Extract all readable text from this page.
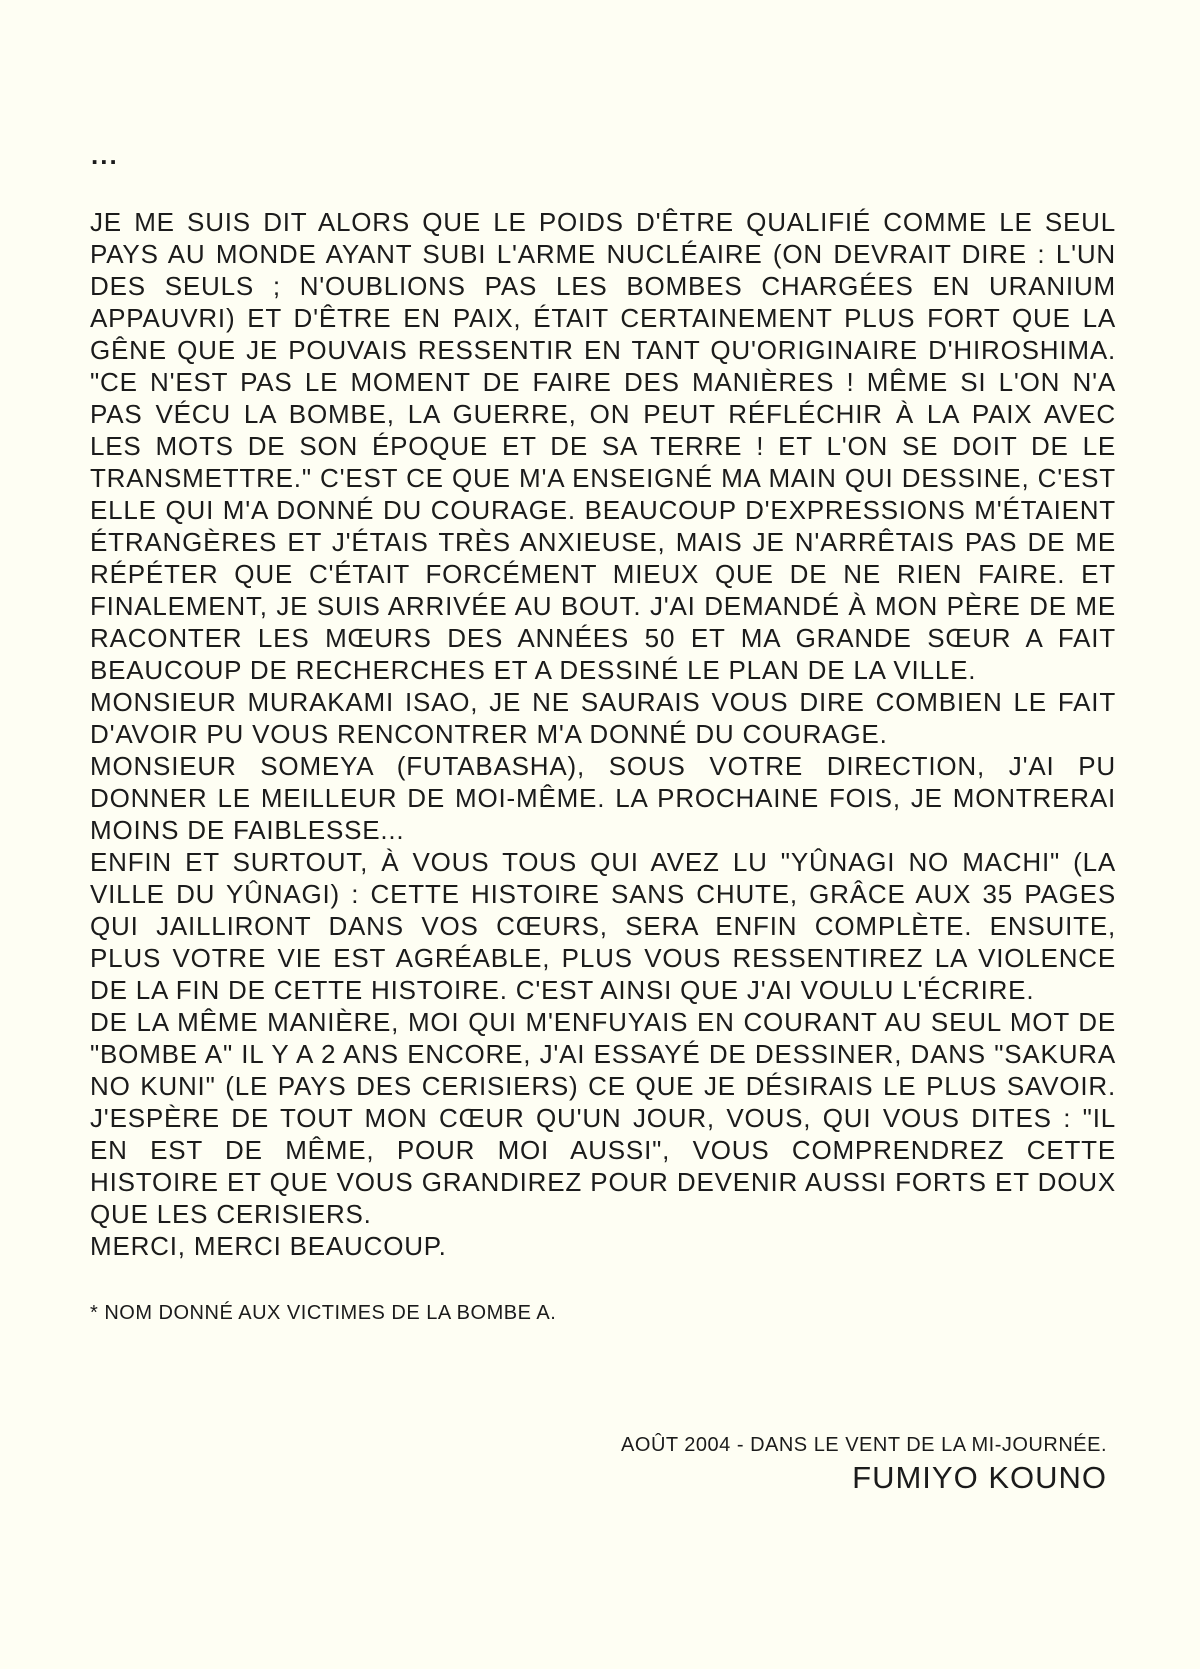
...

JE ME SUIS DIT ALORS QUE LE POIDS D'ÊTRE QUALIFIÉ COMME LE SEUL PAYS AU MONDE AYANT SUBI L'ARME NUCLÉAIRE (ON DEVRAIT DIRE : L'UN DES SEULS ; N'OUBLIONS PAS LES BOMBES CHARGÉES EN URANIUM APPAUVRI) ET D'ÊTRE EN PAIX, ÉTAIT CERTAINEMENT PLUS FORT QUE LA GÊNE QUE JE POUVAIS RESSENTIR EN TANT QU'ORIGINAIRE D'HIROSHIMA. "CE N'EST PAS LE MOMENT DE FAIRE DES MANIÈRES ! MÊME SI L'ON N'A PAS VÉCU LA BOMBE, LA GUERRE, ON PEUT RÉFLÉCHIR À LA PAIX AVEC LES MOTS DE SON ÉPOQUE ET DE SA TERRE ! ET L'ON SE DOIT DE LE TRANSMETTRE." C'EST CE QUE M'A ENSEIGNÉ MA MAIN QUI DESSINE, C'EST ELLE QUI M'A DONNÉ DU COURAGE. BEAUCOUP D'EXPRESSIONS M'ÉTAIENT ÉTRANGÈRES ET J'ÉTAIS TRÈS ANXIEUSE, MAIS JE N'ARRÊTAIS PAS DE ME RÉPÉTER QUE C'ÉTAIT FORCÉMENT MIEUX QUE DE NE RIEN FAIRE. ET FINALEMENT, JE SUIS ARRIVÉE AU BOUT. J'AI DEMANDÉ À MON PÈRE DE ME RACONTER LES MŒURS DES ANNÉES 50 ET MA GRANDE SŒUR A FAIT BEAUCOUP DE RECHERCHES ET A DESSINÉ LE PLAN DE LA VILLE.

MONSIEUR MURAKAMI ISAO, JE NE SAURAIS VOUS DIRE COMBIEN LE FAIT D'AVOIR PU VOUS RENCONTRER M'A DONNÉ DU COURAGE.

MONSIEUR SOMEYA (FUTABASHA), SOUS VOTRE DIRECTION, J'AI PU DONNER LE MEILLEUR DE MOI-MÊME. LA PROCHAINE FOIS, JE MONTRERAI MOINS DE FAIBLESSE...

ENFIN ET SURTOUT, À VOUS TOUS QUI AVEZ LU "YÛNAGI NO MACHI" (LA VILLE DU YÛNAGI) : CETTE HISTOIRE SANS CHUTE, GRÂCE AUX 35 PAGES QUI JAILLIRONT DANS VOS CŒURS, SERA ENFIN COMPLÈTE. ENSUITE, PLUS VOTRE VIE EST AGRÉABLE, PLUS VOUS RESSENTIREZ LA VIOLENCE DE LA FIN DE CETTE HISTOIRE. C'EST AINSI QUE J'AI VOULU L'ÉCRIRE.

DE LA MÊME MANIÈRE, MOI QUI M'ENFUYAIS EN COURANT AU SEUL MOT DE "BOMBE A" IL Y A 2 ANS ENCORE, J'AI ESSAYÉ DE DESSINER, DANS "SAKURA NO KUNI" (LE PAYS DES CERISIERS) CE QUE JE DÉSIRAIS LE PLUS SAVOIR. J'ESPÈRE DE TOUT MON CŒUR QU'UN JOUR, VOUS, QUI VOUS DITES : "IL EN EST DE MÊME, POUR MOI AUSSI", VOUS COMPRENDREZ CETTE HISTOIRE ET QUE VOUS GRANDIREZ POUR DEVENIR AUSSI FORTS ET DOUX QUE LES CERISIERS.

MERCI, MERCI BEAUCOUP.

* NOM DONNÉ AUX VICTIMES DE LA BOMBE A.
AOÛT 2004 - DANS LE VENT DE LA MI-JOURNÉE.
FUMIYO KOUNO
